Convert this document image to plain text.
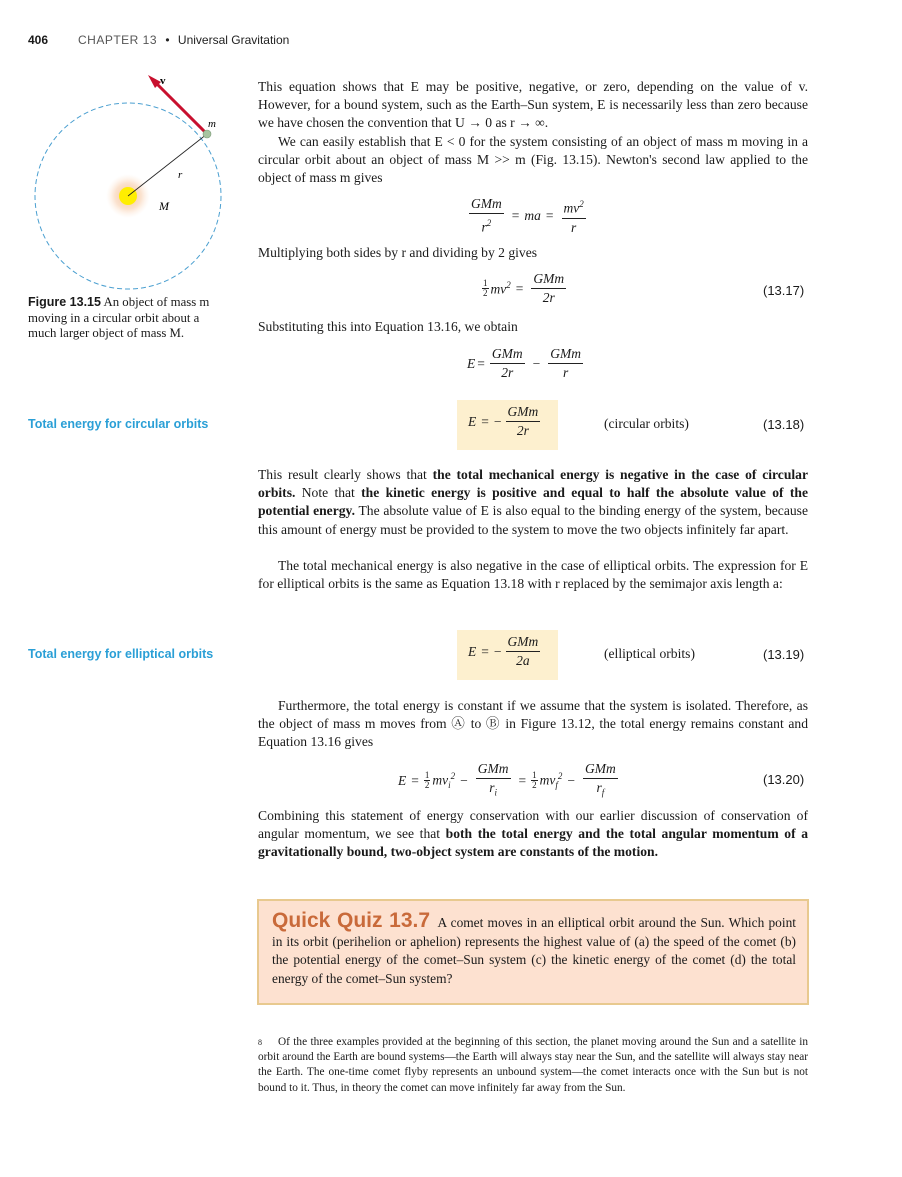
406 CHAPTER 13 • Universal Gravitation
v
m
r
M
Figure 13.15 An object of mass m moving in a circular orbit about a much larger object of mass M.
This equation shows that E may be positive, negative, or zero, depending on the value of v. However, for a bound system, such as the Earth–Sun system, E is necessarily less than zero because we have chosen the convention that U → 0 as r → ∞.
We can easily establish that E < 0 for the system consisting of an object of mass m moving in a circular orbit about an object of mass M >> m (Fig. 13.15). Newton's second law applied to the object of mass m gives
$\frac{\text{GMm}}{r^2}$ = ma = $\frac{mv^2}{r}$
Multiplying both sides by r and dividing by 2 gives
1
2 $mv^2 = \frac{\text{GMm}}{2r}$	(13.17)
Substituting this into Equation 13.16, we obtain
$E = \frac{\text{GMm}}{2r} - \frac{\text{GMm}}{r}$
Total energy for circular orbits	E = − $\frac{\text{GMm}}{2r}$	(circular orbits)	(13.18)
This result clearly shows that the total mechanical energy is negative in the case of circular orbits. Note that the kinetic energy is positive and equal to half the absolute value of the potential energy. The absolute value of E is also equal to the binding energy of the system, because this amount of energy must be provided to the system to move the two objects infinitely far apart.
The total mechanical energy is also negative in the case of elliptical orbits. The expression for E for elliptical orbits is the same as Equation 13.18 with r replaced by the semimajor axis length a:
Total energy for elliptical orbits	E = − $\frac{\text{GMm}}{2a}$	(elliptical orbits)	(13.19)
Furthermore, the total energy is constant if we assume that the system is isolated. Therefore, as the object of mass m moves from Ⓐ to Ⓑ in Figure 13.12, the total energy remains constant and Equation 13.16 gives
$E = \frac{1}{2} mv_i^2 - \frac{\text{GMm}}{r_i} = \frac{1}{2} mv_f^2 - \frac{\text{GMm}}{r_f}$	(13.20)
Combining this statement of energy conservation with our earlier discussion of conservation of angular momentum, we see that both the total energy and the total angular momentum of a gravitationally bound, two-object system are constants of the motion.
Quick Quiz 13.7 A comet moves in an elliptical orbit around the Sun. Which point in its orbit (perihelion or aphelion) represents the highest value of (a) the speed of the comet (b) the potential energy of the comet–Sun system (c) the kinetic energy of the comet (d) the total energy of the comet–Sun system?
$^8$ Of the three examples provided at the beginning of this section, the planet moving around the Sun and a satellite in orbit around the Earth are bound systems—the Earth will always stay near the Sun, and the satellite will always stay near the Earth. The one-time comet flyby represents an unbound system—the comet interacts once with the Sun but is not bound to it. Thus, in theory the comet can move infinitely far away from the Sun.
